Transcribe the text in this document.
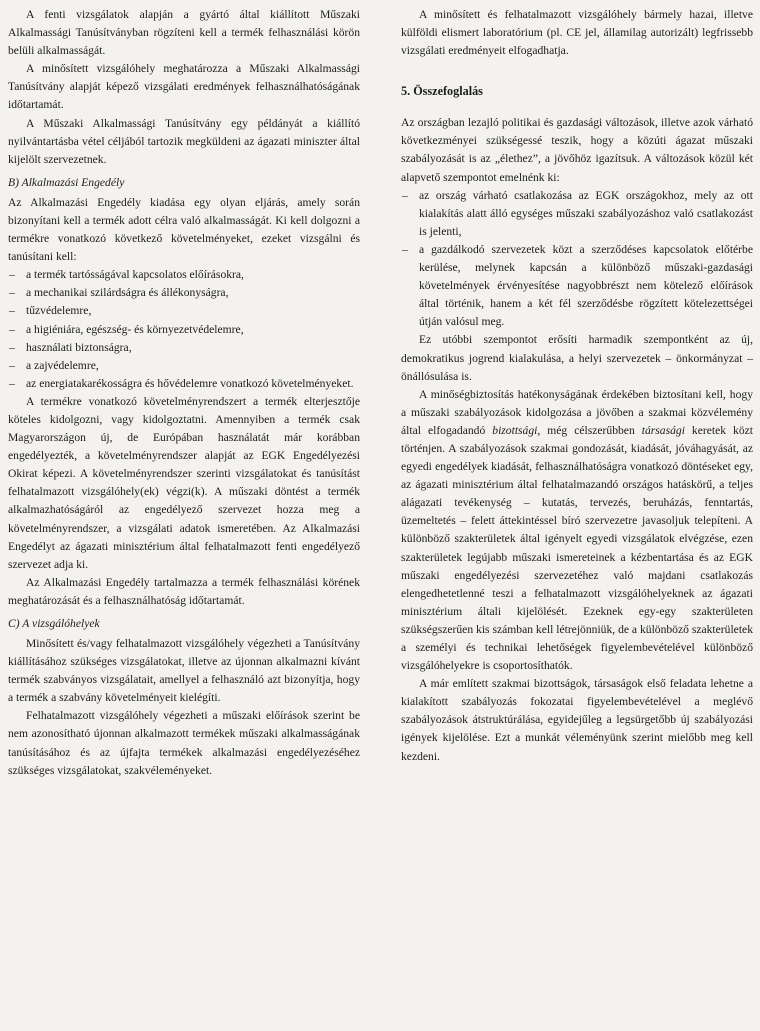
A fenti vizsgálatok alapján a gyártó által kiállított Műszaki Alkalmassági Tanúsítványban rögzíteni kell a termék felhasználási körön belüli alkalmasságát.

A minősített vizsgálóhely meghatározza a Műszaki Alkalmassági Tanúsítvány alapját képező vizsgálati eredmények felhasználhatóságának időtartamát.

A Műszaki Alkalmassági Tanúsítvány egy példányát a kiállító nyilvántartásba vétel céljából tartozik megküldeni az ágazati miniszter által kijelölt szervezetnek.

B) Alkalmazási Engedély

Az Alkalmazási Engedély kiadása egy olyan eljárás, amely során bizonyítani kell a termék adott célra való alkalmasságát. Ki kell dolgozni a termékre vonatkozó következő követelményeket, ezeket vizsgálni és tanúsítani kell:

– a termék tartósságával kapcsolatos előírásokra,
– a mechanikai szilárdságra és állékonyságra,
– tűzvédelemre,
– a higiéniára, egészség- és környezetvédelemre,
– használati biztonságra,
– a zajvédelemre,
– az energiatakarékosságra és hővédelemre vonatkozó követelményeket.

A termékre vonatkozó követelményrendszert a termék elterjesztője köteles kidolgozni, vagy kidolgoztatni. Amennyiben a termék csak Magyarországon új, de Európában használatát már korábban engedélyezték, a követelményrendszer alapját az EGK Engedélyezési Okirat képezi. A követelményrendszer szerinti vizsgálatokat és tanúsítást felhatalmazott vizsgálóhely(ek) végzi(k). A műszaki döntést a termék alkalmazhatóságáról az engedélyező szervezet hozza meg a követelményrendszer, a vizsgálati adatok ismeretében. Az Alkalmazási Engedélyt az ágazati minisztérium által felhatalmazott fenti engedélyező szervezet adja ki.

Az Alkalmazási Engedély tartalmazza a termék felhasználási körének meghatározását és a felhasználhatóság időtartamát.

C) A vizsgálóhelyek

Minősített és/vagy felhatalmazott vizsgálóhely végezheti a Tanúsítvány kiállításához szükséges vizsgálatokat, illetve az újonnan alkalmazni kívánt termék szabványos vizsgálatait, amellyel a felhasználó azt bizonyítja, hogy a termék a szabvány követelményeit kielégíti.

Felhatalmazott vizsgálóhely végezheti a műszaki előírások szerint be nem azonosítható újonnan alkalmazott termékek műszaki alkalmasságának tanúsításához és az újfajta termékek alkalmazási engedélyezéséhez szükséges vizsgálatokat, szakvéleményeket.

A minősített és felhatalmazott vizsgálóhely bármely hazai, illetve külföldi elismert laboratórium (pl. CE jel, államilag autorizált) legfrissebb vizsgálati eredményeit elfogadhatja.

5. Összefoglalás

Az országban lezajló politikai és gazdasági változások, illetve azok várható következményei szükségessé teszik, hogy a közúti ágazat műszaki szabályozását is az „élethez”, a jövőhöz igazítsuk. A változások közül két alapvető szempontot emelnénk ki:

– az ország várható csatlakozása az EGK országokhoz, mely az ott kialakítás alatt álló egységes műszaki szabályozáshoz való csatlakozást is jelenti,
– a gazdálkodó szervezetek közt a szerződéses kapcsolatok előtérbe kerülése, melynek kapcsán a különböző műszaki-gazdasági követelmények érvényesítése nagyobbrészt nem kötelező előírások által történik, hanem a két fél szerződésbe rögzített kötelezettségei útján valósul meg.

Ez utóbbi szempontot erősíti harmadik szempontként az új, demokratikus jogrend kialakulása, a helyi szervezetek – önkormányzat – önállósulása is.

A minőségbiztosítás hatékonyságának érdekében biztosítani kell, hogy a műszaki szabályozások kidolgozása a jövőben a szakmai közvélemény által elfogadandó bizottsági, még célszerűbben társasági keretek közt történjen. A szabályozások szakmai gondozását, kiadását, jóváhagyását, az egyedi engedélyek kiadását, felhasználhatóságra vonatkozó döntéseket egy, az ágazati minisztérium által felhatalmazandó országos hatáskörű, a teljes alágazati tevékenység – kutatás, tervezés, beruházás, fenntartás, üzemeltetés – felett áttekintéssel bíró szervezetre javasoljuk telepíteni. A különböző szakterületek által igényelt egyedi vizsgálatok elvégzése, ezen szakterületek legújabb műszaki ismereteinek a kézbentartása és az EGK műszaki engedélyezési szervezetéhez való majdani csatlakozás elengedhetetlenné teszi a felhatalmazott vizsgálóhelyeknek az ágazati minisztérium általi kijelölését. Ezeknek egy-egy szakterületen szükségszerűen kis számban kell létrejönniük, de a különböző szakterületek a személyi és technikai lehetőségek figyelembevételével különböző vizsgálóhelyekre is csoportosíthatók.

A már említett szakmai bizottságok, társaságok első feladata lehetne a kialakított szabályozás fokozatai figyelembevételével a meglévő szabályozások átstruktúrálása, egyidejűleg a legsürgetőbb új szabályozási igények kijelölése. Ezt a munkát véleményünk szerint mielőbb meg kell kezdeni.
